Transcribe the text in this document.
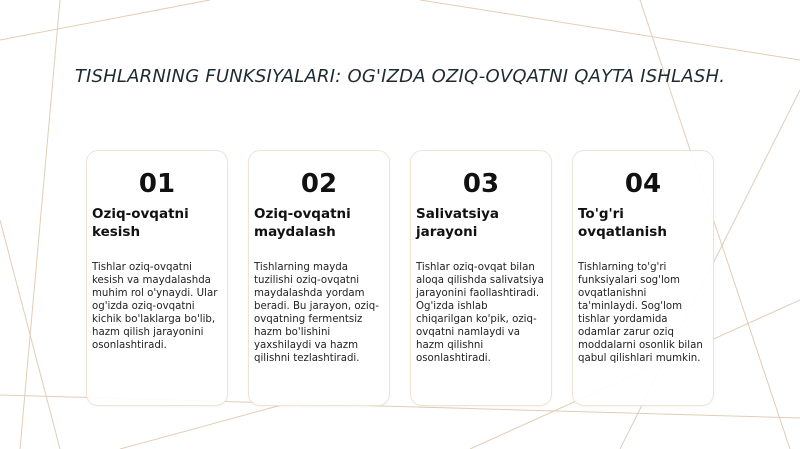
TISHLARNING FUNKSIYALARI: OG'IZDA OZIQ-OVQATNI QAYTA ISHLASH.
01
Oziq-ovqatni kesish
Tishlar oziq-ovqatni kesish va maydalashda muhim rol o'ynaydi. Ular og'izda oziq-ovqatni kichik bo'laklarga bo'lib, hazm qilish jarayonini osonlashtiradi.
02
Oziq-ovqatni maydalash
Tishlarning mayda tuzilishi oziq-ovqatni maydalashda yordam beradi. Bu jarayon, oziq-ovqatning fermentsiz hazm bo'lishini yaxshilaydi va hazm qilishni tezlashtiradi.
03
Salivatsiya jarayoni
Tishlar oziq-ovqat bilan aloqa qilishda salivatsiya jarayonini faollashtiradi. Og'izda ishlab chiqarilgan ko'pik, oziq-ovqatni namlaydi va hazm qilishni osonlashtiradi.
04
To'g'ri ovqatlanish
Tishlarning to'g'ri funksiyalari sog'lom ovqatlanishni ta'minlaydi. Sog'lom tishlar yordamida odamlar zarur oziq moddalarni osonlik bilan qabul qilishlari mumkin.
